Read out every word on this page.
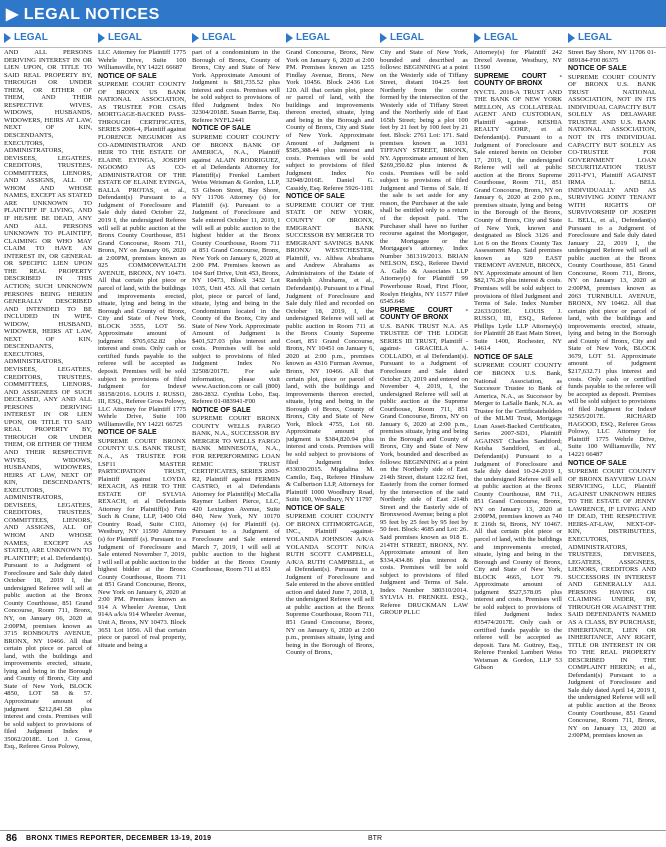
▶ LEGAL NOTICES
LEGAL	LEGAL	LEGAL	LEGAL	LEGAL	LEGAL	LEGAL

AND ALL PERSONS DERIVING INTEREST IN OR LIEN UPON, OR TITLE TO SAID REAL PROPERTY BY, THROUGH OR UNDER THEM, OR EITHER OF THEM, AND THEIR RESPECTIVE WIVES, WIDOWS, HUSBANDS, WIDOWERS, HEIRS AT LAW, NEXT OF KIN, DESCENDANTS, EXECUTORS, ADMINISTRATORS, DEVISEES, LEGATEES, CREDITORS, TRUSTEES, COMMITTEES, LIENORS, AND ASSIGNS, ALL OF WHOM AND WHOSE NAMES, EXCEPT AS STATED ARE UNKNOWN TO PLAINTIFF IF LIVING, AND IF HE/SHE BE DEAD, ANY AND ALL PERSONS UNKNOWN TO PLAINTIFF, CLAIMING OR WHO MAY CLAIM TO HAVE AN INTEREST IN, OR GENERAL OR SPECIFIC LIEN UPON THE REAL PROPERTY DESCRIBED IN THIS ACTION; SUCH UNKNOWN PERSONS BEING HEREIN GENERALLY DESCRIBED AND INTENDED TO BE INCLUDED IN WIFE, WIDOW, HUSBAND, WIDOWER, HEIRS AT LAW, NEXT OF KIN, DESCENDANTS, EXECUTORS, ADMINISTRATORS, DEVISEES, LEGATEES, CREDITORS, TRUSTEES, COMMITTEES, LIENORS, AND ASSIGNEES OF SUCH DECEASED, ANY AND ALL PERSONS DERIVING INTEREST IN OR LIEN UPON, OR TITLE TO SAID REAL PROPERTY BY, THROUGH OR UNDER THEM, OR EITHER OF THEM AND THEIR RESPECTIVE WIVES, WIDOWS, HUSBANDS, WIDOWERS, HEIRS AT LAW, NEXT OF KIN, DESCENDANTS, EXECUTORS, ADMINISTRATORS, DEVISEES, LEGATEES, CREDITORS, TRUSTEES, COMMITTEES, LIENORS, AND ASSIGNS, ALL OF WHOM AND WHOSE NAMES, EXCEPT AS STATED, ARE UNKNOWN TO PLAINTIFF; et al. Defendant(s). Pursuant to a Judgment of Foreclosure and Sale duly dated October 18, 2019 I, the undersigned Referee will sell at public auction at the Bronx County Courthouse, 851 Grand Concourse, Room 711, Bronx, NY, on January 06, 2020 at 2:00PM, premises known as 3715 RONBOUTS AVENUE, BRONX, NY 10466. All that certain plot piece or parcel of land, with the buildings and improvements erected, situate, lying and being in the Borough and County of Bronx, City and State of New York, BLOCK 4850, LOT 58 & 57. Approximate amount of judgment $212,841.58 plus interest and costs. Premises will be sold subject to provisions of filed Judgment Index # 35062/2018E. Lori J. Gross, Esq., Referee Gross Polowy,

LLC Attorney for Plaintiff 1775 Wehrle Drive, Suite 100 Williamsville, NY 14221 66687

NOTICE OF SALE

SUPREME COURT COUNTY OF BRONX US BANK NATIONAL ASSOCIATION, AS TRUSTEE FOR CSAB MORTGAGE-BACKED PASS-THROUGH CERTIFICATES, SERIES 2006-4, Plaintiff against FLORENCE NEGUMOH AS CO-ADMINISTRATOR AND HEIR TO THE ESTATE OF ELAINE EYINGA, JOSEPH NGOOMO AS CO-ADMINISTRATOR OF THE ESTATE OF ELAINE EYINGA, BALLA PROTAS, et al., Defendant(s) Pursuant to a Judgment of Foreclosure and Sale duly dated October 22, 2019 I, the undersigned Referee will sell at public auction at the Bronx County Courthouse, 851 Grand Concourse, Room 711, Bronx, NY on January 06, 2020 at 2:00PM, premises known as 925 COMMONWEALTH AVENUE, BRONX, NY 10473. All that certain plot piece or parcel of land, with the buildings and improvements erected, situate, lying and being in the Borough and County of Bronx, City and State of New York, BLOCK 3555, LOT 56. Approximate amount of judgment $705,652.82 plus interest and costs. Only cash or certified funds payable to the referee will be accepted as deposit. Premises will be sold subject to provisions of filed Judgment for Index# 38158/2016. LOUIS J. RUSSO, III, ESQ., Referee Gross Polowy, LLC Attorney for Plaintiff 1775 Wehrle Drive, Suite 100 Williamsville, NY 14221 66725

NOTICE OF SALE

SUPREME COURT BRONX COUNTY U.S. BANK TRUST, N.A., AS TRUSTEE FOR LSF11 MASTER PARTICIPATION TRUST, Plaintiff against LOYDA REXACH, AS HEIR TO THE ESTATE OF SYLVIA REXACH, et al Defendants Attorney for Plaintiff(s) Fein Such & Crane, LLP, 1400 Old Country Road, Suite C103, Westbury, NY 11590 Attorney (s) for Plaintiff (s). Pursuant to a Judgment of Foreclosure and Sale entered November 7, 2019, I will sell at public auction to the highest bidder at the Bronx County Courthouse, Room 711 at 851 Grand Concourse, Bronx, New York on January 6, 2020 at 2:00 PM. Premises known as 914 A Wheeler Avenue, Unit 914A a/k/a 914 Wheeler Avenue, Unit A, Bronx, NY 10473. Block 3651 Lot 1056. All that certain piece or parcel of real property, situate and being a

part of a condominium in the Borough of Bronx, County of Bronx, City and State of New York. Approximate Amount of Judgment is $81,735.52 plus interest and costs. Premises will be sold subject to provisions of filed Judgment Index No 32304/2018E. Susan Barrie, Esq. Referee NYFL2441

NOTICE OF SALE

SUPREME COURT COUNTY OF BRONX BANK OF AMERICA, N.A., Plaintiff against ALAIN RODRIGUEZ, et al Defendants Attorney for Plaintiff(s) Frenkel Lambert Weiss Weisman & Gordon, LLP, 53 Gibson Street, Bay Shore, NY 11706 Attorney (s) for Plaintiff (s). Pursuant to a Judgment of Foreclosure and Sale entered October 11, 2019, I will sell at public auction to the highest bidder at the Bronx County Courthouse, Room 711 at 851 Grand Concourse, Bronx, New York on January 6, 2020 at 2:00 PM. Premises known as 104 Surf Drive, Unit 453, Bronx, NY 10473, Block 3432 Lot 1035, Unit 453. All that certain plot, piece or parcel of land, situate, lying and being in the Condominium located in the County of the Bronx, City and State of New York. Approximate Amount of Judgment is $401,527.03 plus interest and costs. Premises will be sold subject to provisions of filed Judgment Index No 32508/2017E. For sale information, please visit www.Auction.com or call (800) 280-2832. Cynthia Lobo, Esq. Referee 01-083941-F00

NOTICE OF SALE

SUPREME COURT BRONX COUNTY WELLS FARGO BANK, N.A., SUCCESSOR BY MERGER TO WELLS FARGO BANK MINNESOTA, N.A., FOR REPERFORMING LOAN REMIC TRUST CERTIFICATES, SERIES 2003-R2, Plaintiff against FERMIN CASTRO, et al Defendants Attorney for Plaintiff(s) McCalla Raymer Leibert Pierce, LLC, 420 Lexington Avenue, Suite 840, New York, NY 10170 Attorney (s) for Plaintiff (s). Pursuant to a Judgment of Foreclosure and Sale entered March 7, 2019, I will sell at public auction to the highest bidder at the Bronx County Courthouse, Room 711 at 851

Grand Concourse, Bronx, New York on January 6, 2020 at 2:00 PM. Premises known as 1255 Findlay Avenue, Bronx, New York 10456. Block 2436 Lot 120. All that certain plot, piece or parcel of land, with the buildings and improvements thereon erected, situate, lying and being in the Borough and County of Bronx, City and State of New York. Approximate Amount of Judgment is $585,388.44 plus interest and costs. Premises will be sold subject to provisions of filed Judgment Index No 32948/2016E. Daniel G. Cassidy, Esq. Referee 5926-1181

NOTICE OF SALE

SUPREME COURT OF THE STATE OF NEW YORK, COUNTY OF BRONX, EMIGRANT BANK SUCCESSOR BY MERGER TO EMIGRANT SAVINGS BANK BRONX/ WESTCHESTER, Plaintiff, vs. Althea Abrahams and Andrew Abrahams as Administrators of the Estate of Randolph Abrahams, et al., Defendant(s). Pursuant to a Final Judgment of Foreclosure and Sale duly filed and recorded on October 18, 2019, I, the undersigned Referee will sell at public auction in Room 711 at the Bronx County Supreme Court, 851 Grand Concourse, Bronx, NY 10451 on January 6, 2020 at 2:00 p.m., premises known as 4316 Furman Avenue, Bronx, NY 10466. All that certain plot, piece or parcel of land, with the buildings and improvements thereon erected, situate, lying and being in the Borough of Bronx, County of Bronx, City and State of New York, Block 4755, Lot 60. Approximate amount of judgment is $384,820.94 plus interest and costs. Premises will be sold subject to provisions of filed Judgment Index #33030/2015. Migdalina M. Camilo, Esq., Referee Hinshaw & Culbertson LLP, Attorneys for Plaintiff 1000 Woodbury Road, Suite 100, Woodbury, NY 11797

NOTICE OF SALE

SUPREME COURT COUNTY OF BRONX CITIMORTGAGE, INC., Plaintiff -against- YOLANDA JOHNSON A/K/A YOLANDA SCOTT N/K/A RUTH SCOTT CAMPBELL, A/K/A RUTH CAMPBELL, et al Defendant(s). Pursuant to a Judgment of Foreclosure and Sale entered in the above entitled action and dated June 7, 2018, I, the undersigned Referee will sell at public auction at the Bronx Supreme Courthouse, Room 711, 851 Grand Concourse, Bronx, NY on January 6, 2020 at 2:00 p.m., premises situate, lying and being in the Borough of Bronx, County of Bronx,

City and State of New York, bounded and described as follows: BEGINNING at a point on the Westerly side of Tiffany Street, distant 104.25 feet Northerly from the corner formed by the intersection of the Westerly side of Tiffany Street and the Northerly side of East 165th Street; being a plot 100 feet by 21 feet by 100 feet by 21 feet. Block: 2761 Lot: 171. Said premises known as 1031 TIFFANY STREET, BRONX, NY. Approximate amount of lien $269,350.82 plus interest & costs. Premises will be sold subject to provisions of filed Judgment and Terms of Sale. If the sale is set aside for any reason, the Purchaser at the sale shall be entitled only to a return of the deposit paid. The Purchaser shall have no further recourse against the Mortgagor, the Mortgagee or the Mortgagee's attorney. Index Number 381319/2013. BRIAN NELSON, ESQ., Referee David A. Gallo & Associates LLP Attorney(s) for Plaintiff 99 Powerhouse Road, First Floor, Roslyn Heights, NY 11577 File# 6545.648

SUPREME COURT - COUNTY OF BRONX

U.S. BANK TRUST N.A. AS TRUSTEE OF THE LODGE SERIES III TRUST, Plaintiff -against- GRACIELA A. COLLADO, et al Defendant(s). Pursuant to a Judgment of Foreclosure and Sale dated October 23, 2019 and entered on November 4, 2019, I, the undersigned Referee will sell at public auction at the Supreme Courthouse, Room 711, 851 Grand Concourse, Bronx, NY on January 6, 2020 at 2:00 p.m., premises situate, lying and being in the Borough and County of Bronx, City and State of New York, bounded and described as follows: BEGINNING at a point on the Northerly side of East 214th Street, distant 122.62 feet, Easterly from the corner formed by the intersection of the said Northerly side of East 214th Street and the Easterly side of Bronxwood Avenue; being a plot 95 feet by 25 feet by 95 feet by 50 feet. Block: 4685 and Lot: 26. Said premises known as 918 E. 214TH STREET, BRONX, NY. Approximate amount of lien $334,434.86 plus interest & costs. Premises will be sold subject to provisions of filed Judgment and Terms of Sale. Index Number 380310/2014. SYLVIA H. FRENKEL ESQ., Referee DRUCKMAN LAW GROUP PLLC

Attorney(s) for Plaintiff 242 Drexel Avenue, Westbury, NY 11590

SUPREME COURT - COUNTY OF BRONX

NYCTL 2018-A TRUST AND THE BANK OF NEW YORK MELLON, AS COLLATERAL AGENT AND CUSTODIAN, Plaintiff -against- KESHIA REALTY CORP., et al Defendant(s). Pursuant to a Judgment of Foreclosure and Sale entered herein on October 17, 2019, I, the undersigned Referee will sell at public auction at the Bronx Supreme Courthouse, Room 711, 851 Grand Concourse, Bronx, NY on January 6, 2020 at 2:00 p.m., premises situate, lying and being in the Borough of the Bronx, County of Bronx, City and State of New York, known and designated as Block 3126 and Lot 6 on the Bronx County Tax Assessment Map. Said premises known as 929 EAST TREMONT AVENUE, BRONX, NY. Approximate amount of lien $82,176.26 plus interest & costs. Premises will be sold subject to provisions of filed Judgment and Terms of Sale. Index Number 22633/2019E. LOUIS J. RUSSO, III, ESQ., Referee Phillips Lytle LLP Attorney(s) for Plaintiff 28 East Main Street, Suite 1400, Rochester, NY 14614

NOTICE OF SALE

SUPREME COURT COUNTY OF BRONX U.S. Bank, National Association, as Successor Trustee to Bank of America, N.A., as Successor by Merger to LaSalle Bank, N.A. as Trustee for the Certificateholders of the MLMI Trust, Mortgage Loan Asset-Backed Certificates, Series 2007-SD1, Plaintiff AGAINST Charles Sandiford; Keisha Sandiford, et al., Defendant(s) Pursuant to a Judgment of Foreclosure and Sale duly dated 10-24-2019 I, the undersigned Referee will sell at public auction at the Bronx County Courthouse, RM 711, 851 Grand Concourse, Bronx, NY on January 13, 2020 at 2:00PM, premises known as 740 E 216th St, Bronx, NY 10467. All that certain plot piece or parcel of land, with the buildings and improvements erected, situate, lying and being in the Borough and County of Bronx, City and State of New York, BLOCK 4665, LOT 79. Approximate amount of judgment $527,578.05 plus interest and costs. Premises will be sold subject to provisions of filed Judgment Index #35474/2017E. Only cash or certified funds payable to the referee will be accepted as deposit. Tara M. Guttrey, Esq., Referee Frenkel Lambert Weiss Weisman & Gordon, LLP 53 Gibson

Street Bay Shore, NY 11706 01-089184-F00 86375

NOTICE OF SALE

SUPREME COURT COUNTY OF BRONX U.S. BANK TRUST NATIONAL ASSOCIATION, NOT IN ITS INDIVIDUAL CAPACITY BUT SOLELY AS DELAWARE TRUSTEE AND U.S. BANK NATIONAL ASSOCIATION, NOT IN ITS INDIVIDUAL CAPACITY BUT SOLELY AS CO-TRUSTEE FOR GOVERNMENT LOAN SECURITIZATION TRUST 2011-FV1, Plaintiff AGAINST IRMA L. BELL INDIVIDUALLY AND AS SURVIVING JOINT TENANT WITH RIGHTS OF SURVIVORSHIP OF JOSEPH L. BELL, et al., Defendant(s) Pursuant to a Judgment of Foreclosure and Sale duly dated January 22, 2019 I, the undersigned Referee will sell at public auction at the Bronx County Courthouse, 851 Grand Concourse, Room 711, Bronx, NY on January 13, 2020 at 2:00PM, premises known as 2063 TURNBULL AVENUE, BRONX, NY 10462. All that certain plot piece or parcel of land, with the buildings and improvements erected, situate, lying and being in the Borough and County of Bronx, City and State of New York, BLOCK 3679, LOT 51. Approximate amount of judgment $217,632.71 plus interest and costs. Only cash or certified funds payable to the referee will be accepted as deposit. Premises will be sold subject to provisions of filed Judgment for Index# 32565/2017E. RICHARD HAGOOD, ESQ., Referee Gross Polowy, LLC Attorney for Plaintiff 1775 Wehrle Drive, Suite 100 Williamsville, NY 14221 66487

NOTICE OF SALE

SUPREME COURT COUNTY OF BRONX BAYVIEW LOAN SERVICING, LLC, Plaintiff AGAINST UNKNOWN HEIRS TO THE ESTATE OF JENNY LAWRENCE, IF LIVING AND IF DEAD, THE RESPECTIVE HEIRS-AT-LAW, NEXT-OF-KIN, DISTRIBUTEES, EXECUTORS, ADMINISTRATORS, TRUSTEES, DEVISEES, LEGATEES, ASSIGNEES, LIENORS, CREDITORS AND SUCCESSORS IN INTEREST AND GENERALLY ALL PERSONS HAVING OR CLAIMING UNDER, BY, THROUGH OR AGAINST THE SAID DEFENDANTS NAMED AS A CLASS, BY PURCHASE, INHERITANCE, LIEN OR INHERITANCE, ANY RIGHT, TITLE OR INTEREST IN OR TO THE REAL PROPERTY DESCRIBED IN THE COMPLAINT HEREIN; et al., Defendant(s) Pursuant to a Judgment of Foreclosure and Sale duly dated April 14, 2019 I, the undersigned Referee will sell at public auction at the Bronx County Courthouse, 851 Grand Concourse, Room 711, Bronx, NY on January 13, 2020 at 2:00PM, premises known as

86 BRONX TIMES REPORTER, DECEMBER 13-19, 2019	BTR
